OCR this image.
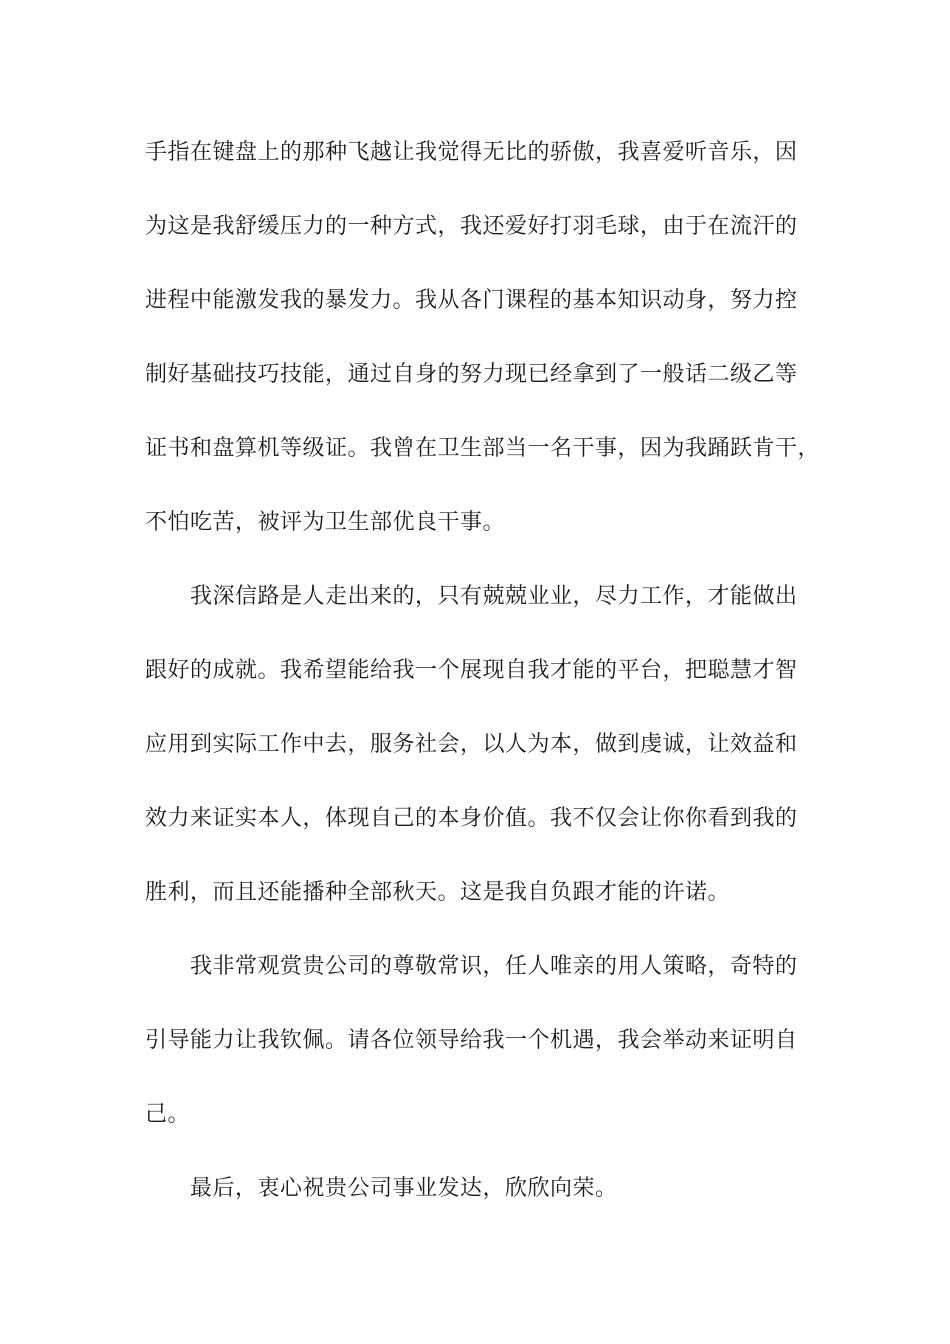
手指在键盘上的那种飞越让我觉得无比的骄傲，我喜爱听音乐，因
为这是我舒缓压力的一种方式，我还爱好打羽毛球，由于在流汗的
进程中能激发我的暴发力。我从各门课程的基本知识动身，努力控
制好基础技巧技能，通过自身的努力现已经拿到了一般话二级乙等
证书和盘算机等级证。我曾在卫生部当一名干事，因为我踊跃肯干，
不怕吃苦，被评为卫生部优良干事。
我深信路是人走出来的，只有兢兢业业，尽力工作，才能做出
跟好的成就。我希望能给我一个展现自我才能的平台，把聪慧才智
应用到实际工作中去，服务社会，以人为本，做到虔诚，让效益和
效力来证实本人，体现自己的本身价值。我不仅会让你你看到我的
胜利，而且还能播种全部秋天。这是我自负跟才能的许诺。
我非常观赏贵公司的尊敬常识，任人唯亲的用人策略，奇特的
引导能力让我钦佩。请各位领导给我一个机遇，我会举动来证明自
己。
最后，衷心祝贵公司事业发达，欣欣向荣。
